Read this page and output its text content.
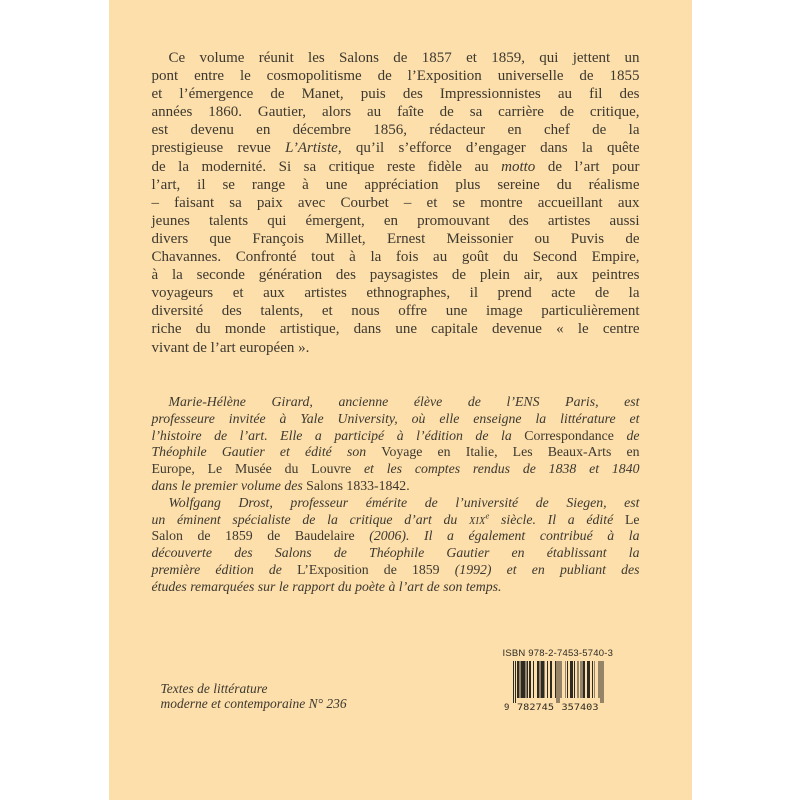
Ce volume réunit les Salons de 1857 et 1859, qui jettent un
pont entre le cosmopolitisme de l’Exposition universelle de 1855
et l’émergence de Manet, puis des Impressionnistes au fil des
années 1860. Gautier, alors au faîte de sa carrière de critique,
est devenu en décembre 1856, rédacteur en chef de la
prestigieuse revue L’Artiste, qu’il s’efforce d’engager dans la quête
de la modernité. Si sa critique reste fidèle au motto de l’art pour
l’art, il se range à une appréciation plus sereine du réalisme
– faisant sa paix avec Courbet – et se montre accueillant aux
jeunes talents qui émergent, en promouvant des artistes aussi
divers que François Millet, Ernest Meissonier ou Puvis de
Chavannes. Confronté tout à la fois au goût du Second Empire,
à la seconde génération des paysagistes de plein air, aux peintres
voyageurs et aux artistes ethnographes, il prend acte de la
diversité des talents, et nous offre une image particulièrement
riche du monde artistique, dans une capitale devenue « le centre
vivant de l’art européen ».
Marie-Hélène Girard, ancienne élève de l’ENS Paris, est
professeure invitée à Yale University, où elle enseigne la littérature et
l’histoire de l’art. Elle a participé à l’édition de la Correspondance de
Théophile Gautier et édité son Voyage en Italie, Les Beaux-Arts en
Europe, Le Musée du Louvre et les comptes rendus de 1838 et 1840
dans le premier volume des Salons 1833-1842.
Wolfgang Drost, professeur émérite de l’université de Siegen, est
un éminent spécialiste de la critique d’art du xix$^e$ siècle. Il a édité Le
Salon de 1859 de Baudelaire (2006). Il a également contribué à la
découverte des Salons de Théophile Gautier en établissant la
première édition de L’Exposition de 1859 (1992) et en publiant des
études remarquées sur le rapport du poète à l’art de son temps.
Textes de littérature
moderne et contemporaine N° 236
ISBN 978-2-7453-5740-3
9 782745 357403
